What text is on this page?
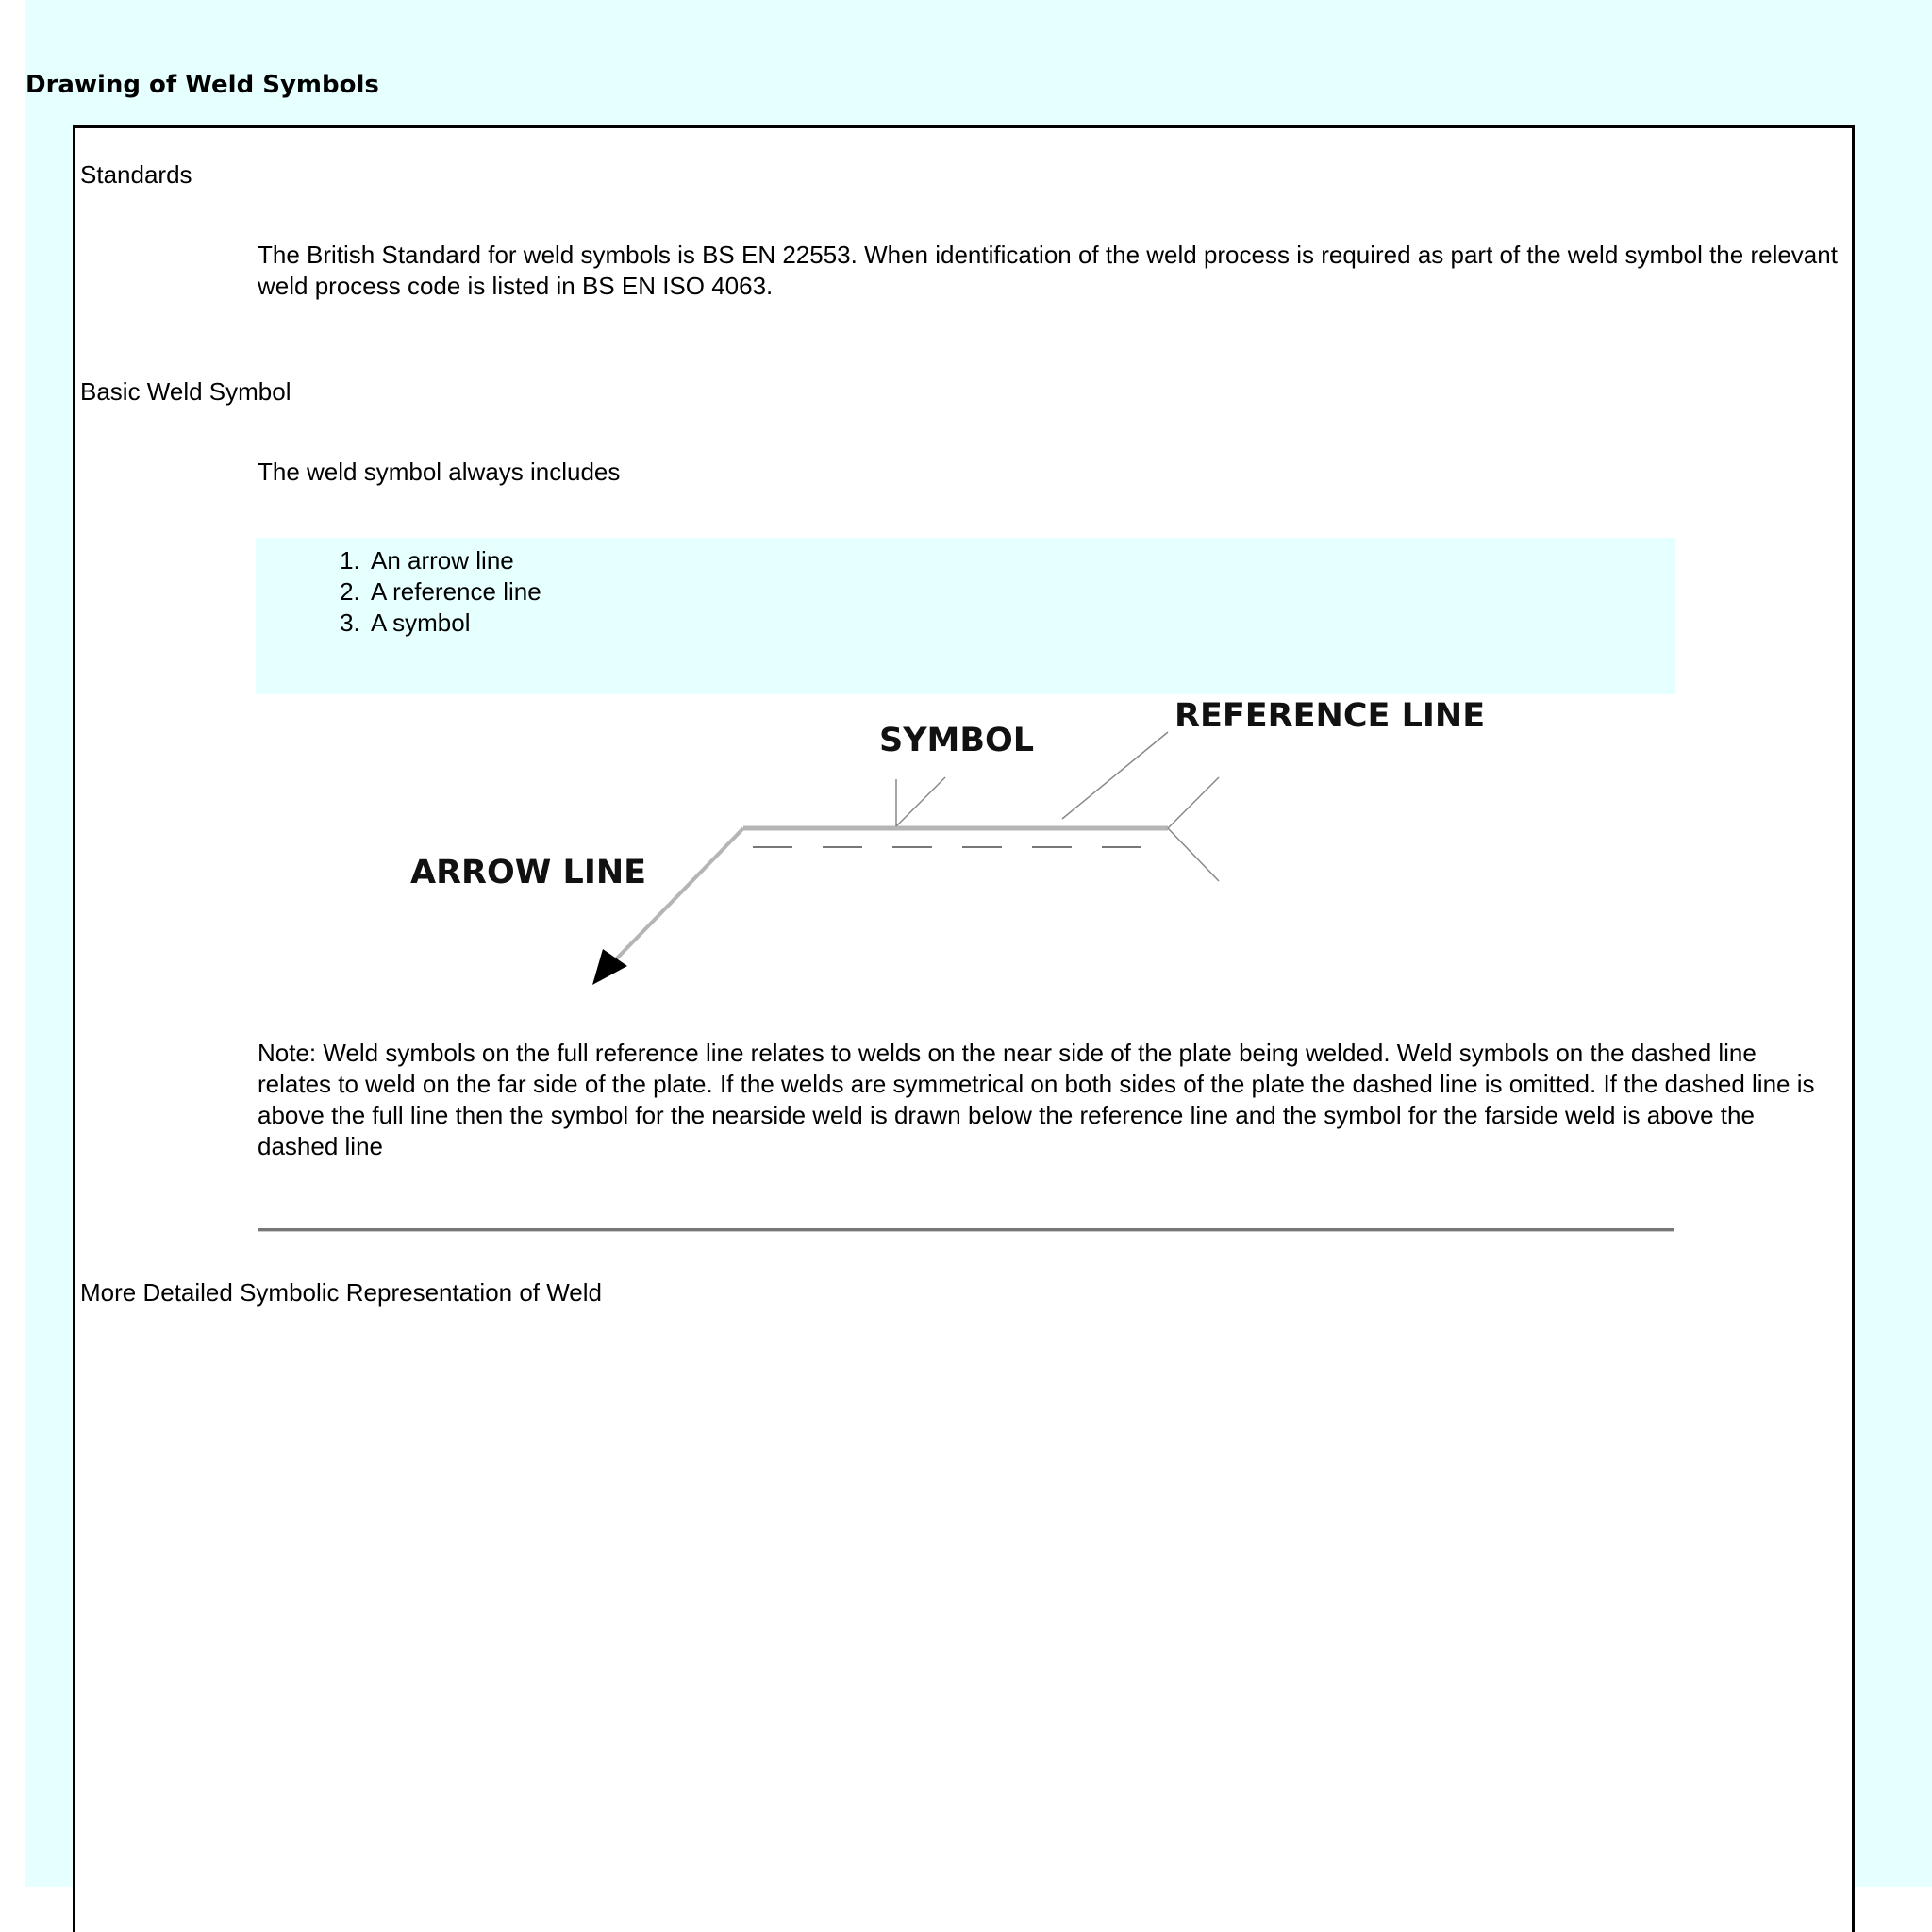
Drawing of Weld Symbols
Standards

The British Standard for weld symbols is BS EN 22553. When identification of the weld process is required as part of the weld symbol the relevant weld process code is listed in BS EN ISO 4063.

Basic Weld Symbol

The weld symbol always includes

1. An arrow line
2. A reference line
3. A symbol
SYMBOL
REFERENCE LINE
ARROW LINE

Note: Weld symbols on the full reference line relates to welds on the near side of the plate being welded. Weld symbols on the dashed line relates to weld on the far side of the plate. If the welds are symmetrical on both sides of the plate the dashed line is omitted. If the dashed line is above the full line then the symbol for the nearside weld is drawn below the reference line and the symbol for the farside weld is above the dashed line

More Detailed Symbolic Representation of Weld
